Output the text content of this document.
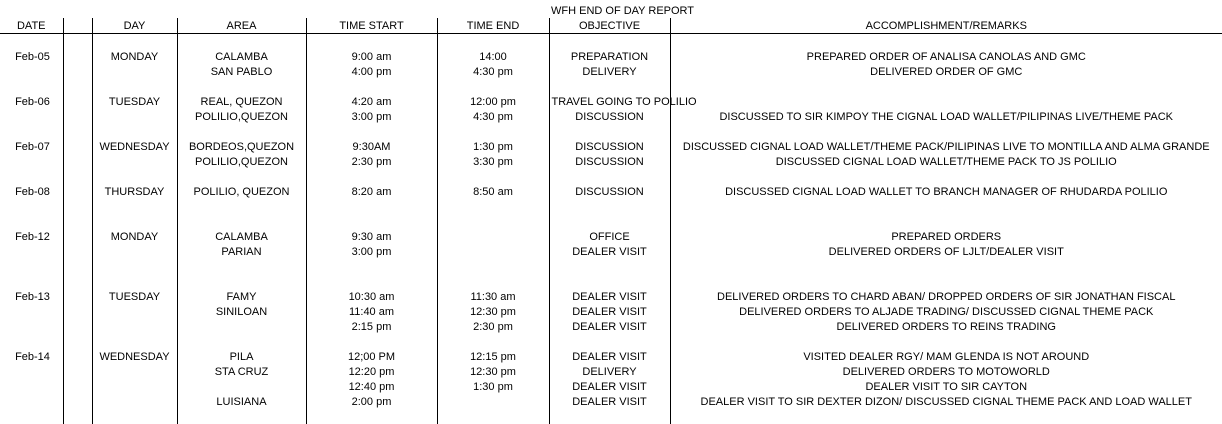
						WFH END OF DAY REPORT	
DATE		DAY	AREA	TIME START	TIME END	OBJECTIVE	ACCOMPLISHMENT/REMARKS

Feb-05		MONDAY	CALAMBA	9:00 am	14:00	PREPARATION	PREPARED ORDER OF ANALISA CANOLAS AND GMC
			SAN PABLO	4:00 pm	4:30 pm	DELIVERY	DELIVERED ORDER OF GMC

Feb-06		TUESDAY	REAL, QUEZON	4:20 am	12:00 pm	TRAVEL GOING TO POLILIO	
			POLILIO,QUEZON	3:00 pm	4:30 pm	DISCUSSION	DISCUSSED TO SIR KIMPOY THE CIGNAL LOAD WALLET/PILIPINAS LIVE/THEME PACK

Feb-07		WEDNESDAY	BORDEOS,QUEZON	9:30AM	1:30 pm	DISCUSSION	DISCUSSED CIGNAL LOAD WALLET/THEME PACK/PILIPINAS LIVE TO MONTILLA AND ALMA GRANDE
			POLILIO,QUEZON	2:30 pm	3:30 pm	DISCUSSION	DISCUSSED CIGNAL LOAD WALLET/THEME PACK TO JS POLILIO

Feb-08		THURSDAY	POLILIO, QUEZON	8:20 am	8:50 am	DISCUSSION	DISCUSSED CIGNAL LOAD WALLET TO BRANCH MANAGER OF RHUDARDA POLILIO

Feb-12		MONDAY	CALAMBA	9:30 am		OFFICE	PREPARED ORDERS
			PARIAN	3:00 pm		DEALER VISIT	DELIVERED ORDERS OF LJLT/DEALER VISIT

Feb-13		TUESDAY	FAMY	10:30 am	11:30 am	DEALER VISIT	DELIVERED ORDERS TO CHARD ABAN/ DROPPED ORDERS OF SIR JONATHAN FISCAL
			SINILOAN	11:40 am	12:30 pm	DEALER VISIT	DELIVERED ORDERS TO ALJADE TRADING/ DISCUSSED CIGNAL THEME PACK
				2:15 pm	2:30 pm	DEALER VISIT	DELIVERED ORDERS TO REINS TRADING

Feb-14		WEDNESDAY	PILA	12;00 PM	12:15 pm	DEALER VISIT	VISITED DEALER RGY/ MAM GLENDA IS NOT AROUND
			STA CRUZ	12:20 pm	12:30 pm	DELIVERY	DELIVERED ORDERS TO MOTOWORLD
				12:40 pm	1:30 pm	DEALER VISIT	DEALER VISIT TO SIR CAYTON
			LUISIANA	2:00 pm		DEALER VISIT	DEALER VISIT TO SIR DEXTER DIZON/ DISCUSSED CIGNAL THEME PACK AND LOAD WALLET
